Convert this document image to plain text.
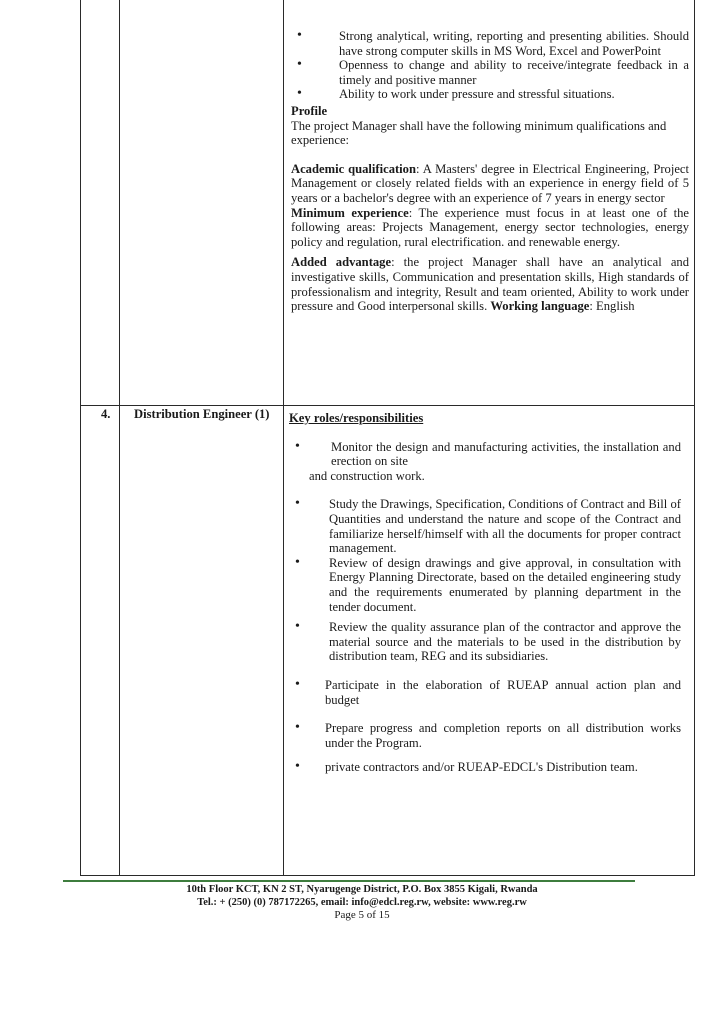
• Strong analytical, writing, reporting and presenting abilities. Should have strong computer skills in MS Word, Excel and PowerPoint

• Openness to change and ability to receive/integrate feedback in a timely and positive manner

• Ability to work under pressure and stressful situations.

Profile

The project Manager shall have the following minimum qualifications and experience:

Academic qualification: A Masters' degree in Electrical Engineering, Project Management or closely related fields with an experience in energy field of 5 years or a bachelor's degree with an experience of 7 years in energy sector

Minimum experience: The experience must focus in at least one of the following areas: Projects Management, energy sector technologies, energy policy and regulation, rural electrification. and renewable energy.

Added advantage: the project Manager shall have an analytical and investigative skills, Communication and presentation skills, High standards of professionalism and integrity, Result and team oriented, Ability to work under pressure and Good interpersonal skills. Working language: English

4. Distribution Engineer (1)	Key roles/responsibilities

• Monitor the design and manufacturing activities, the installation and erection on site

and construction work.

• Study the Drawings, Specification, Conditions of Contract and Bill of Quantities and understand the nature and scope of the Contract and familiarize herself/himself with all the documents for proper contract management.

• Review of design drawings and give approval, in consultation with Energy Planning Directorate, based on the detailed engineering study and the requirements enumerated by planning department in the tender document.

• Review the quality assurance plan of the contractor and approve the material source and the materials to be used in the distribution by distribution team, REG and its subsidiaries.

• Participate in the elaboration of RUEAP annual action plan and budget

• Prepare progress and completion reports on all distribution works under the Program.

• private contractors and/or RUEAP-EDCL's Distribution team.

10th Floor KCT, KN 2 ST, Nyarugenge District, P.O. Box 3855 Kigali, Rwanda

Tel.: + (250) (0) 787172265, email: info@edcl.reg.rw, website: www.reg.rw

Page 5 of 15
